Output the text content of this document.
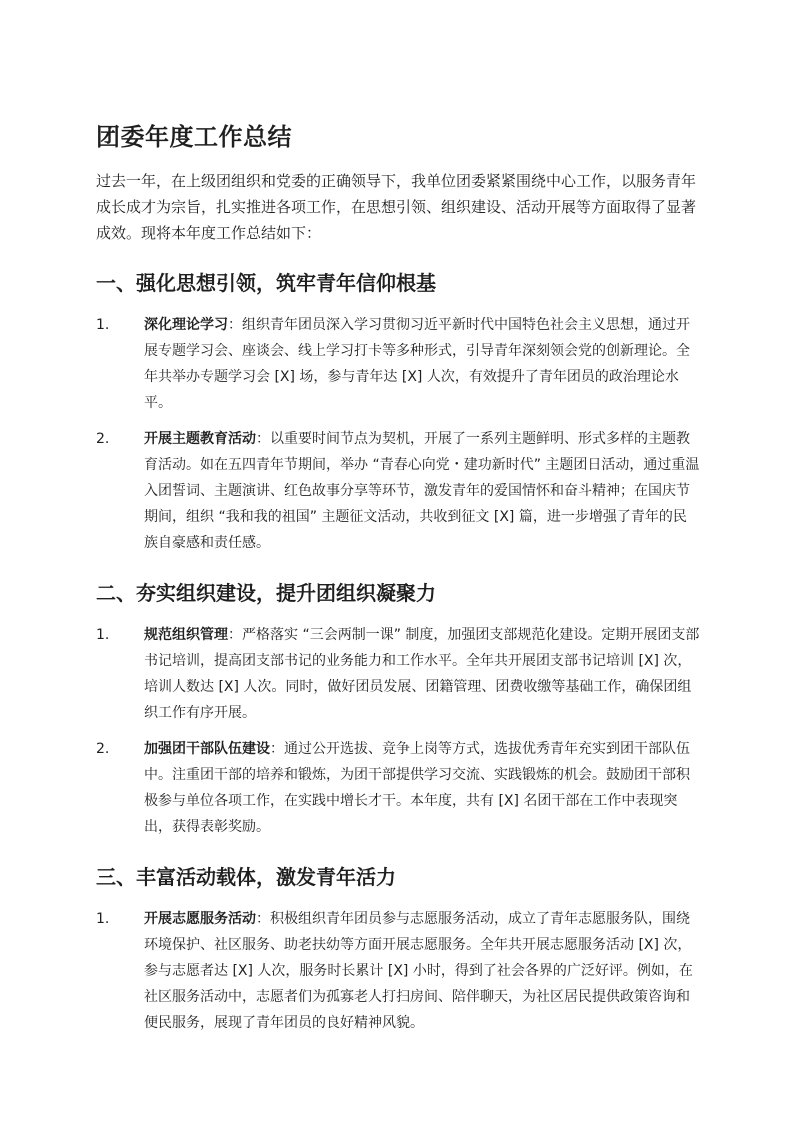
团委年度工作总结

过去一年，在上级团组织和党委的正确领导下，我单位团委紧紧围绕中心工作，以服务青年成长成才为宗旨，扎实推进各项工作，在思想引领、组织建设、活动开展等方面取得了显著成效。现将本年度工作总结如下：

一、强化思想引领，筑牢青年信仰根基
1.	深化理论学习：组织青年团员深入学习贯彻习近平新时代中国特色社会主义思想，通过开展专题学习会、座谈会、线上学习打卡等多种形式，引导青年深刻领会党的创新理论。全年共举办专题学习会 [X] 场，参与青年达 [X] 人次，有效提升了青年团员的政治理论水平。
2.	开展主题教育活动：以重要时间节点为契机，开展了一系列主题鲜明、形式多样的主题教育活动。如在五四青年节期间，举办 “青春心向党・建功新时代” 主题团日活动，通过重温入团誓词、主题演讲、红色故事分享等环节，激发青年的爱国情怀和奋斗精神；在国庆节期间，组织 “我和我的祖国” 主题征文活动，共收到征文 [X] 篇，进一步增强了青年的民族自豪感和责任感。
二、夯实组织建设，提升团组织凝聚力
1.	规范组织管理：严格落实 “三会两制一课” 制度，加强团支部规范化建设。定期开展团支部书记培训，提高团支部书记的业务能力和工作水平。全年共开展团支部书记培训 [X] 次，培训人数达 [X] 人次。同时，做好团员发展、团籍管理、团费收缴等基础工作，确保团组织工作有序开展。
2.	加强团干部队伍建设：通过公开选拔、竞争上岗等方式，选拔优秀青年充实到团干部队伍中。注重团干部的培养和锻炼，为团干部提供学习交流、实践锻炼的机会。鼓励团干部积极参与单位各项工作，在实践中增长才干。本年度，共有 [X] 名团干部在工作中表现突出，获得表彰奖励。
三、丰富活动载体，激发青年活力
1.	开展志愿服务活动：积极组织青年团员参与志愿服务活动，成立了青年志愿服务队，围绕环境保护、社区服务、助老扶幼等方面开展志愿服务。全年共开展志愿服务活动 [X] 次，参与志愿者达 [X] 人次，服务时长累计 [X] 小时，得到了社会各界的广泛好评。例如，在社区服务活动中，志愿者们为孤寡老人打扫房间、陪伴聊天，为社区居民提供政策咨询和便民服务，展现了青年团员的良好精神风貌。
